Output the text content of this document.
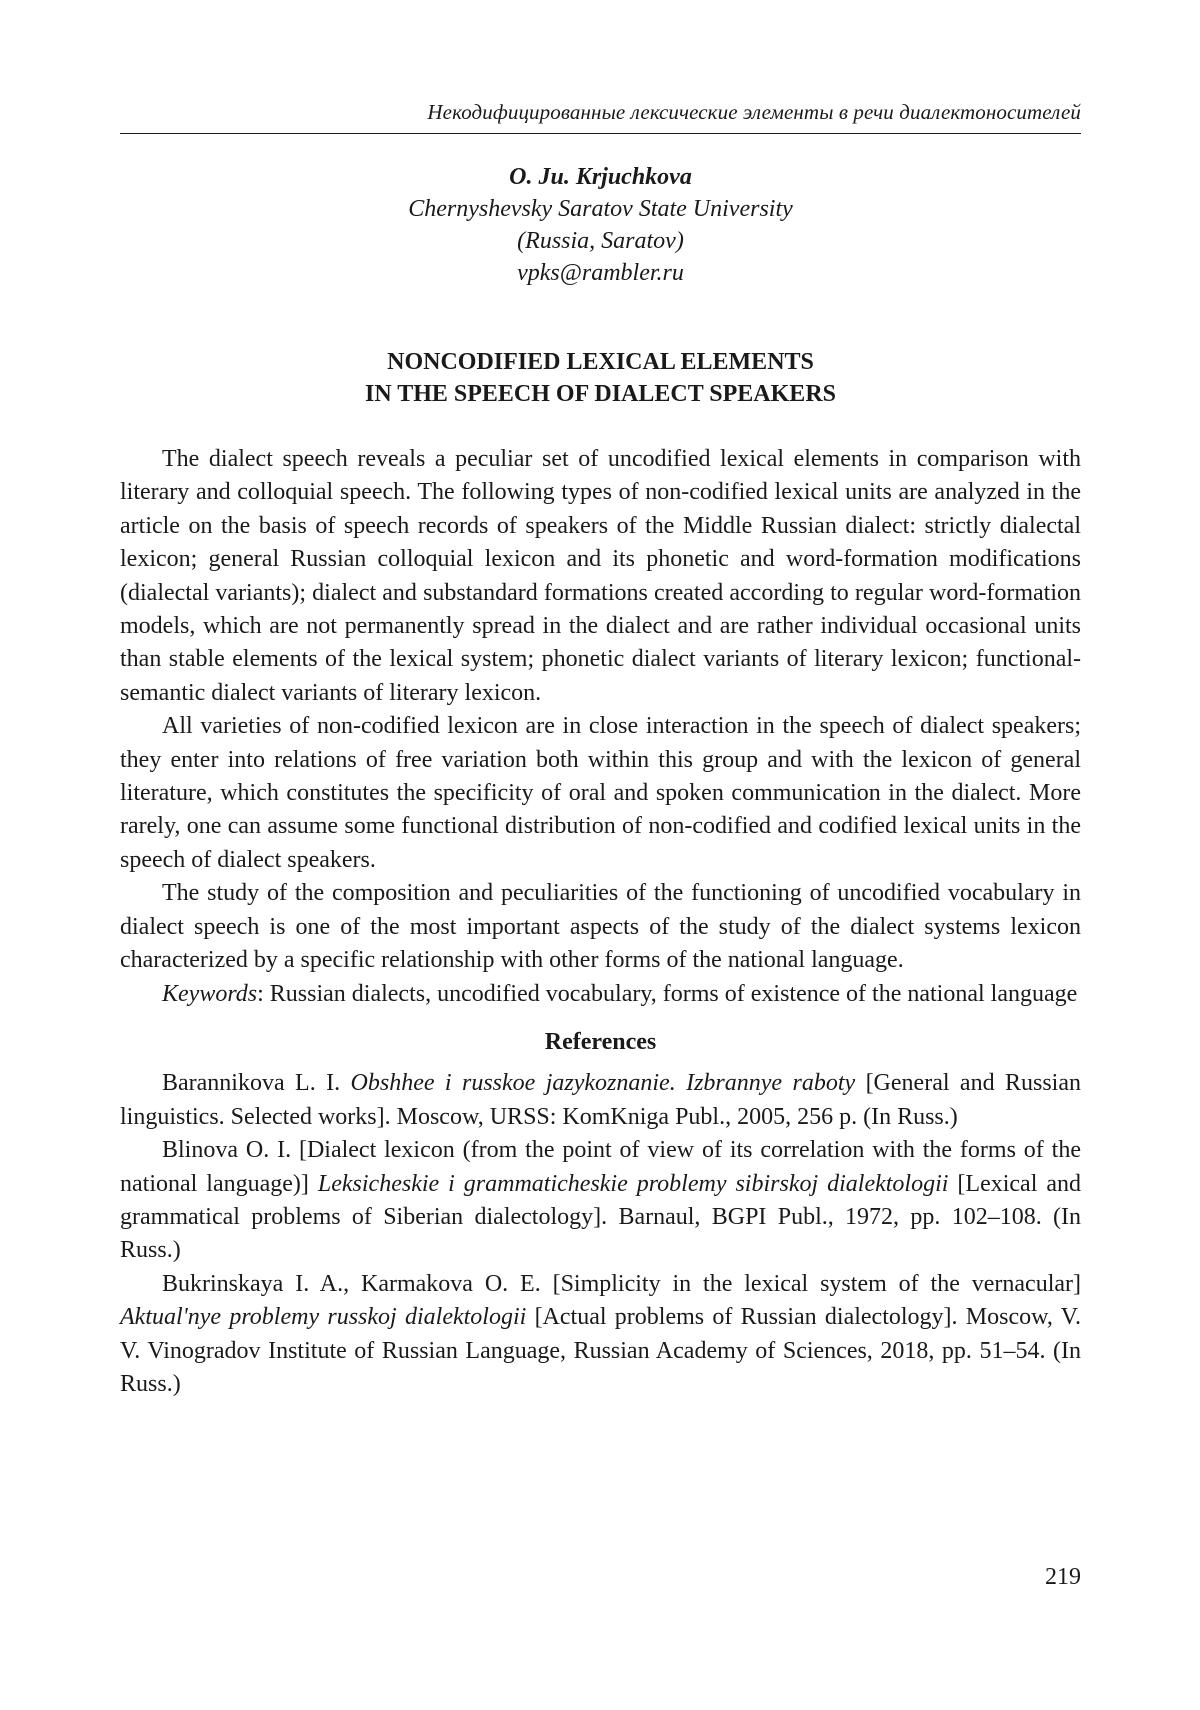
Некодифицированные лексические элементы в речи диалектоносителей
O. Ju. Krjuchkova
Chernyshevsky Saratov State University
(Russia, Saratov)
vpks@rambler.ru
NONCODIFIED LEXICAL ELEMENTS
IN THE SPEECH OF DIALECT SPEAKERS

The dialect speech reveals a peculiar set of uncodified lexical elements in comparison with literary and colloquial speech. The following types of non-codified lexical units are analyzed in the article on the basis of speech records of speakers of the Middle Russian dialect: strictly dialectal lexicon; general Russian colloquial lexicon and its phonetic and word-formation modifications (dialectal variants); dialect and substandard formations created according to regular word-formation models, which are not permanently spread in the dialect and are rather individual occasional units than stable elements of the lexical system; phonetic dialect variants of literary lexicon; functional-semantic dialect variants of literary lexicon.

All varieties of non-codified lexicon are in close interaction in the speech of dialect speakers; they enter into relations of free variation both within this group and with the lexicon of general literature, which constitutes the specificity of oral and spoken communication in the dialect. More rarely, one can assume some functional distribution of non-codified and codified lexical units in the speech of dialect speakers.

The study of the composition and peculiarities of the functioning of uncodified vocabulary in dialect speech is one of the most important aspects of the study of the dialect systems lexicon characterized by a specific relationship with other forms of the national language.

Keywords: Russian dialects, uncodified vocabulary, forms of existence of the national language

References

Barannikova L. I. Obshhee i russkoe jazykoznanie. Izbrannye raboty [General and Russian linguistics. Selected works]. Moscow, URSS: KomKniga Publ., 2005, 256 p. (In Russ.)

Blinova O. I. [Dialect lexicon (from the point of view of its correlation with the forms of the national language)] Leksicheskie i grammaticheskie problemy sibirskoj dialektologii [Lexical and grammatical problems of Siberian dialectology]. Barnaul, BGPI Publ., 1972, pp. 102–108. (In Russ.)

Bukrinskaya I. A., Karmakova O. E. [Simplicity in the lexical system of the vernacular] Aktual'nye problemy russkoj dialektologii [Actual problems of Russian dialectology]. Moscow, V. V. Vinogradov Institute of Russian Language, Russian Academy of Sciences, 2018, pp. 51–54. (In Russ.)

219
